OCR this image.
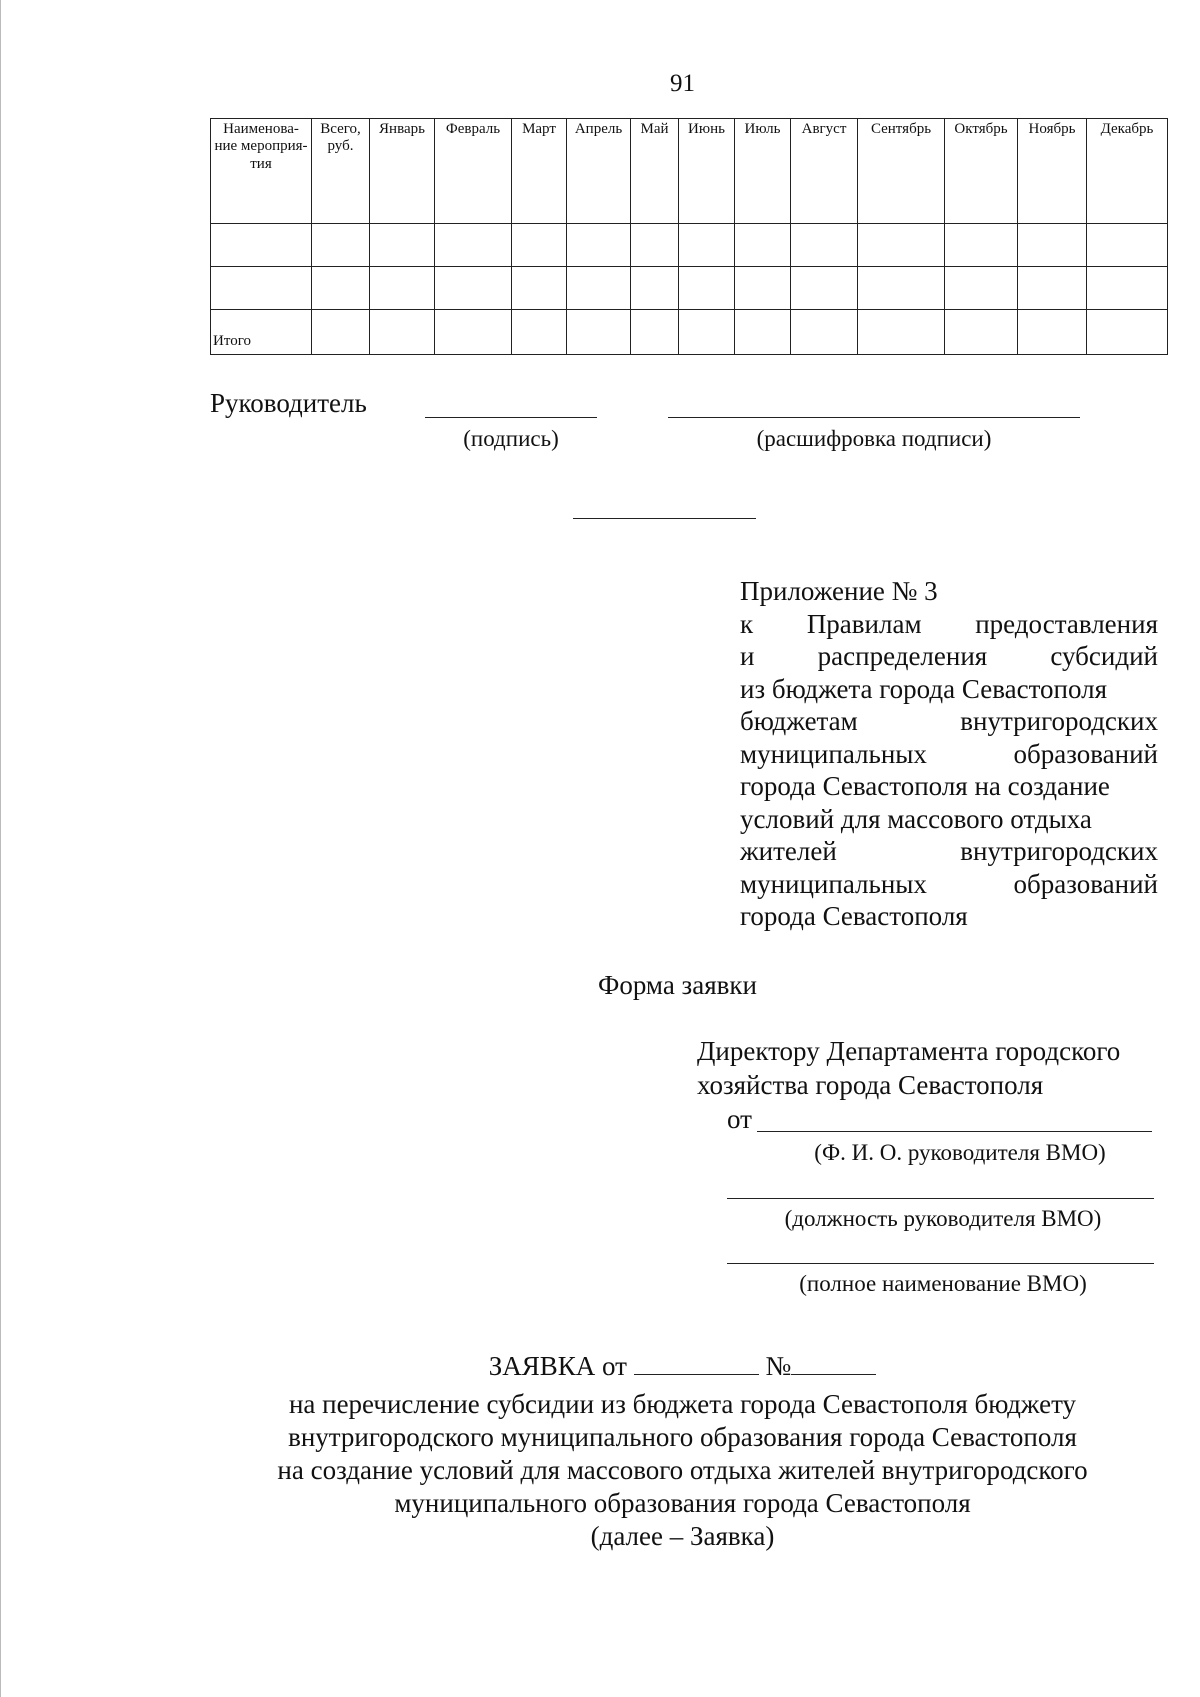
91
Наименова-ние мероприя-тия	Всего, руб.	Январь	Февраль	Март	Апрель	Май	Июнь	Июль	Август	Сентябрь	Октябрь	Ноябрь	Декабрь

Итого													
Руководитель
(подпись)	(расшифровка подписи)
Приложение № 3
к Правилам предоставления
и распределения субсидий
из бюджета города Севастополя
бюджетам	внутригородских
муниципальных	образований
города Севастополя на создание
условий для массового отдыха
жителей	внутригородских
муниципальных	образований
города Севастополя
Форма заявки
Директору Департамента городского
хозяйства города Севастополя
от
(Ф. И. О. руководителя ВМО)
(должность руководителя ВМО)
(полное наименование ВМО)
ЗАЯВКА от	№
на перечисление субсидии из бюджета города Севастополя бюджету
внутригородского муниципального образования города Севастополя
на создание условий для массового отдыха жителей внутригородского
муниципального образования города Севастополя
(далее – Заявка)
